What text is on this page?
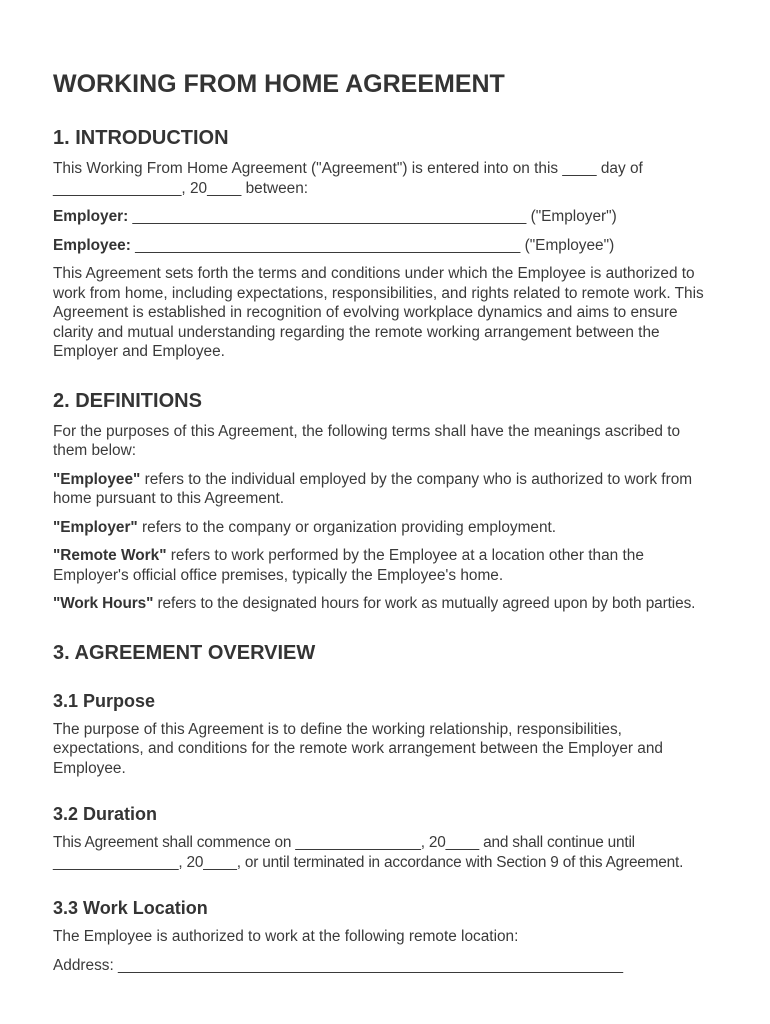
WORKING FROM HOME AGREEMENT
1. INTRODUCTION

This Working From Home Agreement ("Agreement") is entered into on this ____ day of _______________, 20____ between:

Employer: ______________________________________________ ("Employer")

Employee: _____________________________________________ ("Employee")

This Agreement sets forth the terms and conditions under which the Employee is authorized to work from home, including expectations, responsibilities, and rights related to remote work. This Agreement is established in recognition of evolving workplace dynamics and aims to ensure clarity and mutual understanding regarding the remote working arrangement between the Employer and Employee.

2. DEFINITIONS

For the purposes of this Agreement, the following terms shall have the meanings ascribed to them below:

"Employee" refers to the individual employed by the company who is authorized to work from home pursuant to this Agreement.

"Employer" refers to the company or organization providing employment.

"Remote Work" refers to work performed by the Employee at a location other than the Employer's official office premises, typically the Employee's home.

"Work Hours" refers to the designated hours for work as mutually agreed upon by both parties.

3. AGREEMENT OVERVIEW
3.1 Purpose

The purpose of this Agreement is to define the working relationship, responsibilities, expectations, and conditions for the remote work arrangement between the Employer and Employee.

3.2 Duration

This Agreement shall commence on _______________, 20____ and shall continue until _______________, 20____, or until terminated in accordance with Section 9 of this Agreement.

3.3 Work Location

The Employee is authorized to work at the following remote location:

Address: ___________________________________________________________
